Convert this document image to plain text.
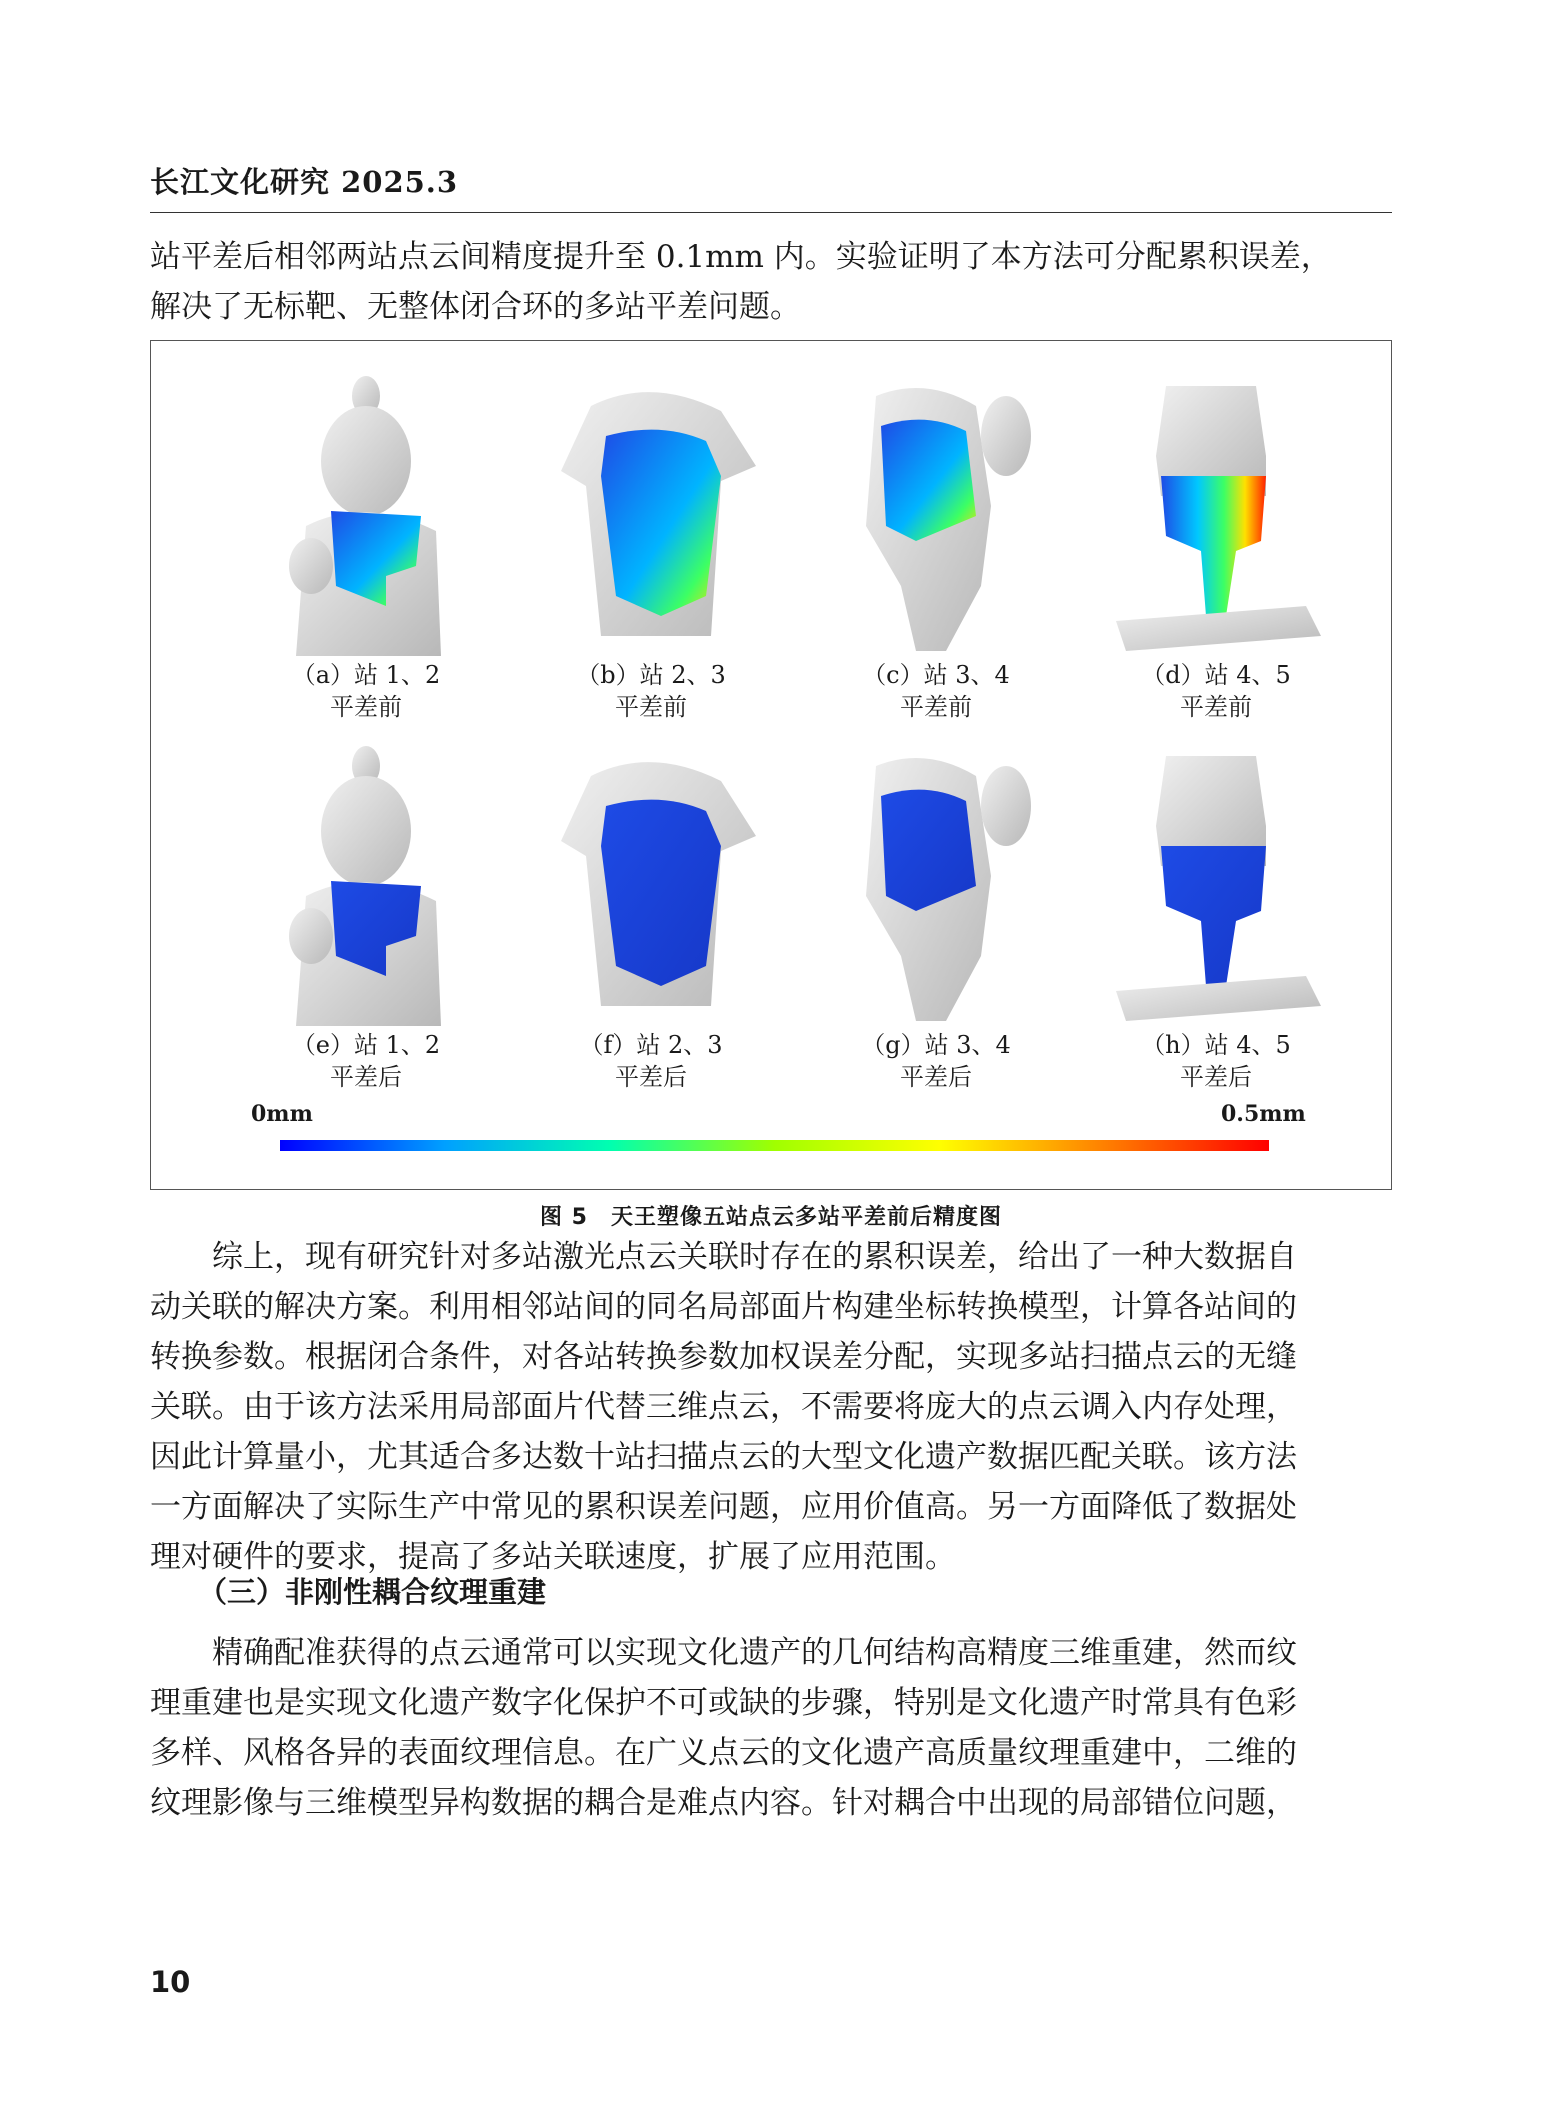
长江文化研究 2025.3
站平差后相邻两站点云间精度提升至 0.1mm 内。实验证明了本方法可分配累积误差，
解决了无标靶、无整体闭合环的多站平差问题。
（a）站 1、2
平差前
（b）站 2、3
平差前
（c）站 3、4
平差前
（d）站 4、5
平差前
（e）站 1、2
平差后
（f）站 2、3
平差后
（g）站 3、4
平差后
（h）站 4、5
平差后
0mm	0.5mm
图 5　天王塑像五站点云多站平差前后精度图
　　综上，现有研究针对多站激光点云关联时存在的累积误差，给出了一种大数据自
动关联的解决方案。利用相邻站间的同名局部面片构建坐标转换模型，计算各站间的
转换参数。根据闭合条件，对各站转换参数加权误差分配，实现多站扫描点云的无缝
关联。由于该方法采用局部面片代替三维点云，不需要将庞大的点云调入内存处理，
因此计算量小，尤其适合多达数十站扫描点云的大型文化遗产数据匹配关联。该方法
一方面解决了实际生产中常见的累积误差问题，应用价值高。另一方面降低了数据处
理对硬件的要求，提高了多站关联速度，扩展了应用范围。
（三）非刚性耦合纹理重建
　　精确配准获得的点云通常可以实现文化遗产的几何结构高精度三维重建，然而纹
理重建也是实现文化遗产数字化保护不可或缺的步骤，特别是文化遗产时常具有色彩
多样、风格各异的表面纹理信息。在广义点云的文化遗产高质量纹理重建中，二维的
纹理影像与三维模型异构数据的耦合是难点内容。针对耦合中出现的局部错位问题，
10
